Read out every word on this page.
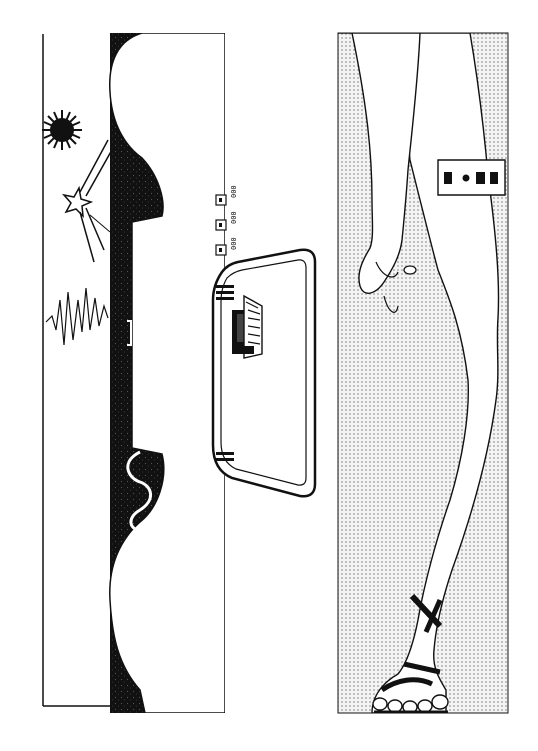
000
000
000
